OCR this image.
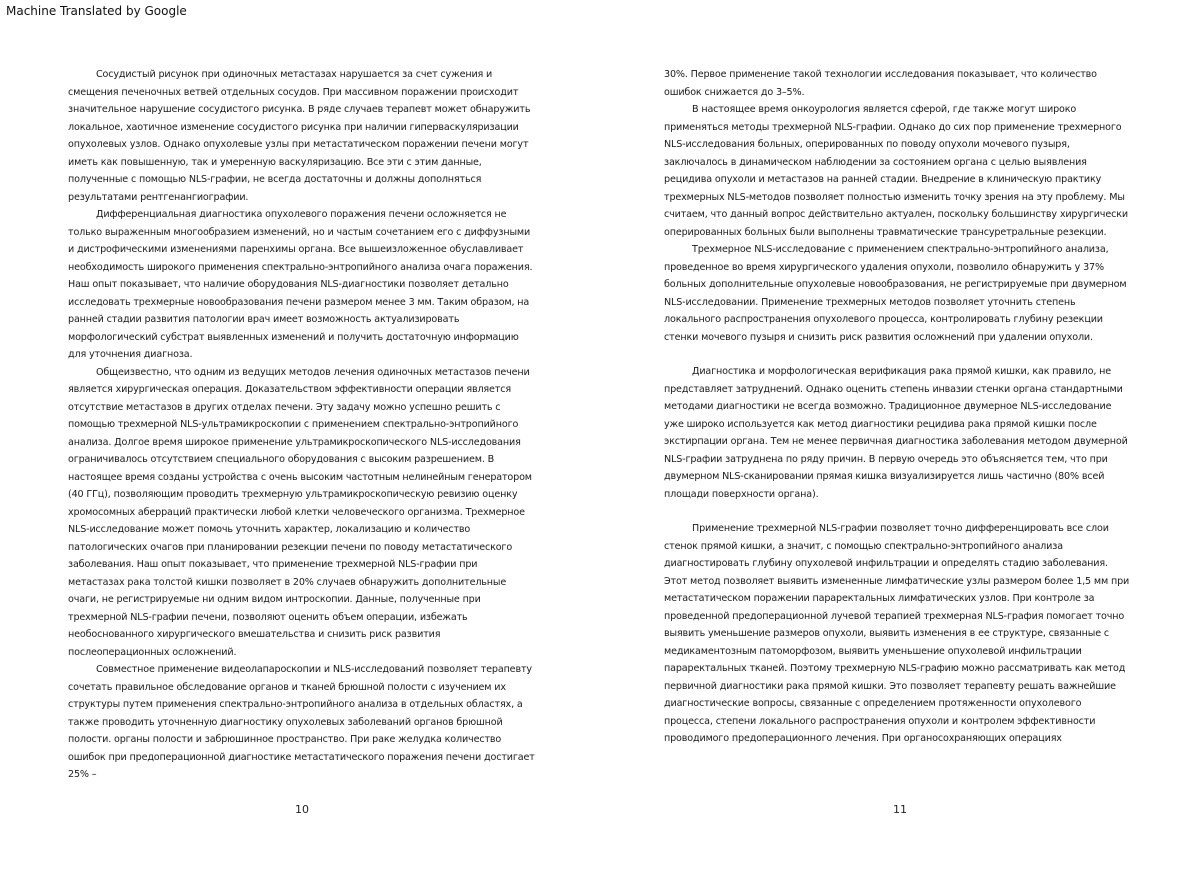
Machine Translated by Google

Сосудистый рисунок при одиночных метастазах нарушается за счет сужения и смещения печеночных ветвей отдельных сосудов. При массивном поражении происходит значительное нарушение сосудистого рисунка. В ряде случаев терапевт может обнаружить локальное, хаотичное изменение сосудистого рисунка при наличии гиперваскуляризации опухолевых узлов. Однако опухолевые узлы при метастатическом поражении печени могут иметь как повышенную, так и умеренную васкуляризацию. Все эти с этим данные, полученные с помощью NLS-графии, не всегда достаточны и должны дополняться результатами рентгенангиографии.

Дифференциальная диагностика опухолевого поражения печени осложняется не только выраженным многообразием изменений, но и частым сочетанием его с диффузными и дистрофическими изменениями паренхимы органа. Все вышеизложенное обуславливает необходимость широкого применения спектрально-энтропийного анализа очага поражения. Наш опыт показывает, что наличие оборудования NLS-диагностики позволяет детально исследовать трехмерные новообразования печени размером менее 3 мм. Таким образом, на ранней стадии развития патологии врач имеет возможность актуализировать морфологический субстрат выявленных изменений и получить достаточную информацию для уточнения диагноза.

Общеизвестно, что одним из ведущих методов лечения одиночных метастазов печени является хирургическая операция. Доказательством эффективности операции является отсутствие метастазов в других отделах печени. Эту задачу можно успешно решить с помощью трехмерной NLS-ультрамикроскопии с применением спектрально-энтропийного анализа. Долгое время широкое применение ультрамикроскопического NLS-исследования ограничивалось отсутствием специального оборудования с высоким разрешением. В настоящее время созданы устройства с очень высоким частотным нелинейным генератором (40 ГГц), позволяющим проводить трехмерную ультрамикроскопическую ревизию оценку хромосомных аберраций практически любой клетки человеческого организма. Трехмерное NLS-исследование может помочь уточнить характер, локализацию и количество патологических очагов при планировании резекции печени по поводу метастатического заболевания. Наш опыт показывает, что применение трехмерной NLS-графии при метастазах рака толстой кишки позволяет в 20% случаев обнаружить дополнительные очаги, не регистрируемые ни одним видом интроскопии. Данные, полученные при трехмерной NLS-графии печени, позволяют оценить объем операции, избежать необоснованного хирургического вмешательства и снизить риск развития послеоперационных осложнений.

Совместное применение видеолапароскопии и NLS-исследований позволяет терапевту сочетать правильное обследование органов и тканей брюшной полости с изучением их структуры путем применения спектрально-энтропийного анализа в отдельных областях, а также проводить уточненную диагностику опухолевых заболеваний органов брюшной полости. органы полости и забрюшинное пространство. При раке желудка количество ошибок при предоперационной диагностике метастатического поражения печени достигает 25% –

30%. Первое применение такой технологии исследования показывает, что количество ошибок снижается до 3–5%.

В настоящее время онкоурология является сферой, где также могут широко применяться методы трехмерной NLS-графии. Однако до сих пор применение трехмерного NLS-исследования больных, оперированных по поводу опухоли мочевого пузыря, заключалось в динамическом наблюдении за состоянием органа с целью выявления рецидива опухоли и метастазов на ранней стадии. Внедрение в клиническую практику трехмерных NLS-методов позволяет полностью изменить точку зрения на эту проблему. Мы считаем, что данный вопрос действительно актуален, поскольку большинству хирургически оперированных больных были выполнены травматические трансуретральные резекции.

Трехмерное NLS-исследование с применением спектрально-энтропийного анализа, проведенное во время хирургического удаления опухоли, позволило обнаружить у 37% больных дополнительные опухолевые новообразования, не регистрируемые при двумерном NLS-исследовании. Применение трехмерных методов позволяет уточнить степень локального распространения опухолевого процесса, контролировать глубину резекции стенки мочевого пузыря и снизить риск развития осложнений при удалении опухоли.

Диагностика и морфологическая верификация рака прямой кишки, как правило, не представляет затруднений. Однако оценить степень инвазии стенки органа стандартными методами диагностики не всегда возможно. Традиционное двумерное NLS-исследование уже широко используется как метод диагностики рецидива рака прямой кишки после экстирпации органа. Тем не менее первичная диагностика заболевания методом двумерной NLS-графии затруднена по ряду причин. В первую очередь это объясняется тем, что при двумерном NLS-сканировании прямая кишка визуализируется лишь частично (80% всей площади поверхности органа).

Применение трехмерной NLS-графии позволяет точно дифференцировать все слои стенок прямой кишки, а значит, с помощью спектрально-энтропийного анализа диагностировать глубину опухолевой инфильтрации и определять стадию заболевания. Этот метод позволяет выявить измененные лимфатические узлы размером более 1,5 мм при метастатическом поражении параректальных лимфатических узлов. При контроле за проведенной предоперационной лучевой терапией трехмерная NLS-графия помогает точно выявить уменьшение размеров опухоли, выявить изменения в ее структуре, связанные с медикаментозным патоморфозом, выявить уменьшение опухолевой инфильтрации параректальных тканей. Поэтому трехмерную NLS-графию можно рассматривать как метод первичной диагностики рака прямой кишки. Это позволяет терапевту решать важнейшие диагностические вопросы, связанные с определением протяженности опухолевого процесса, степени локального распространения опухоли и контролем эффективности проводимого предоперационного лечения. При органосохраняющих операциях

10	11
